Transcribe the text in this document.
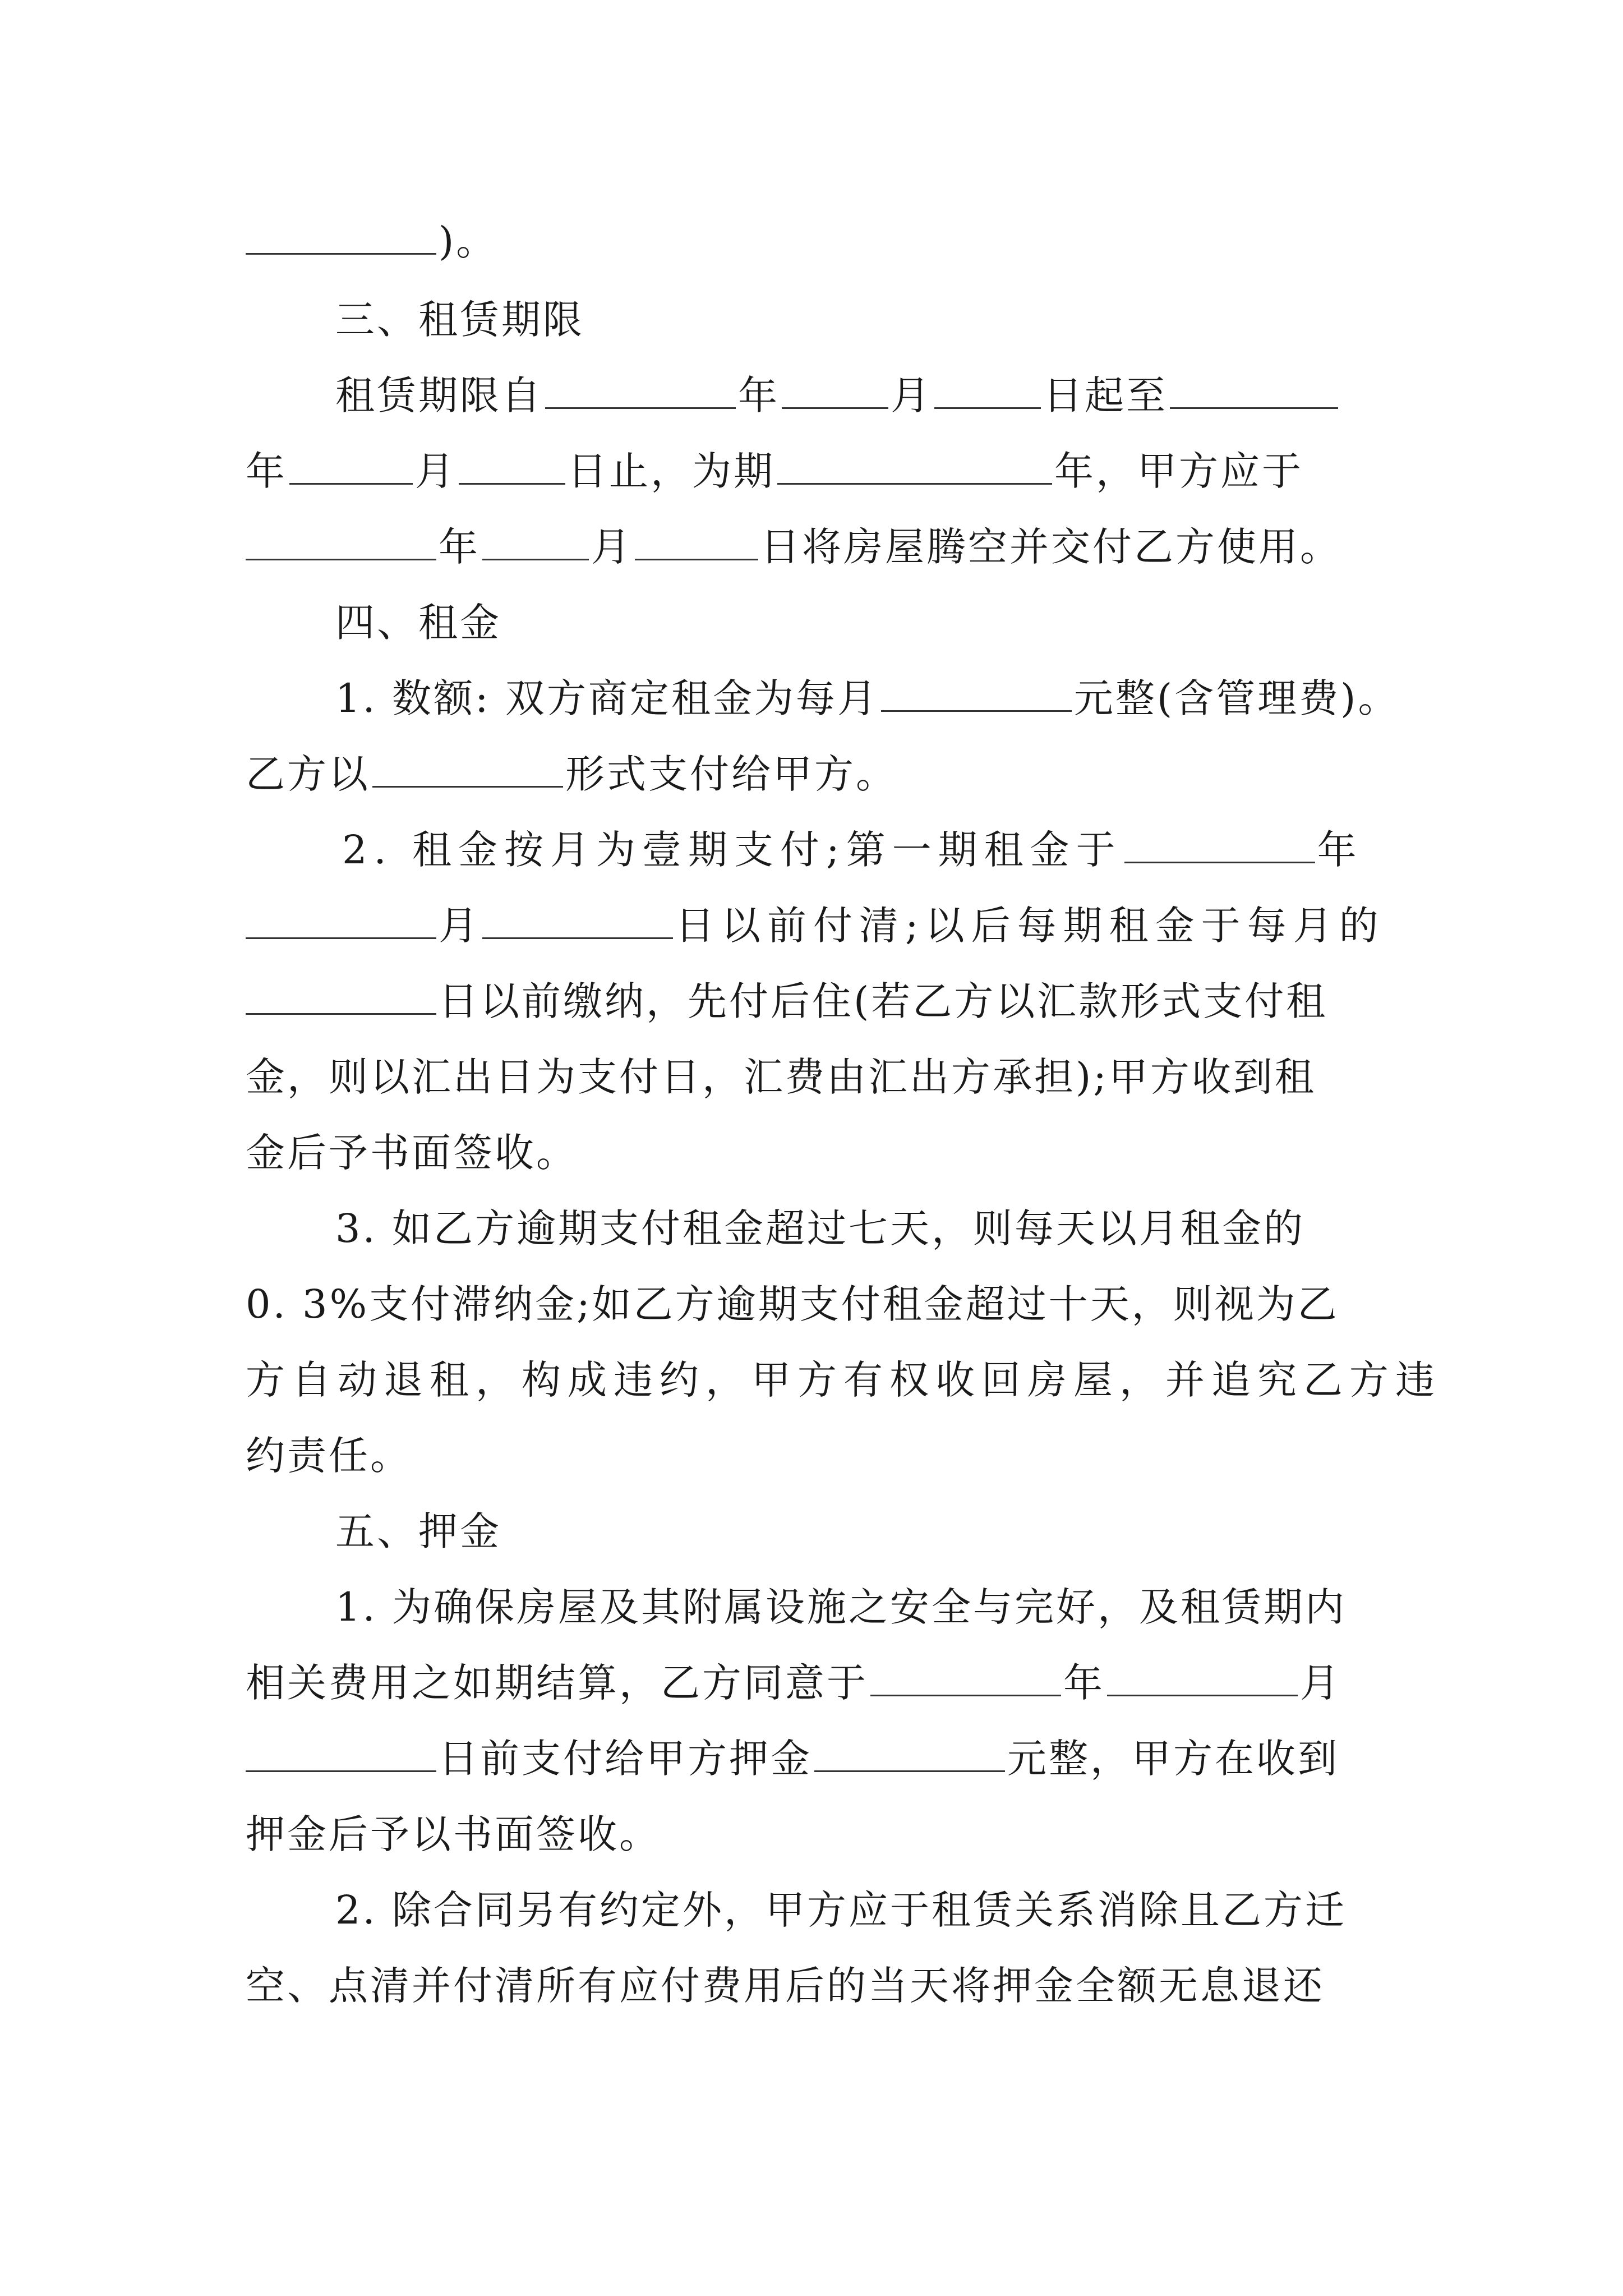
)。
三、租赁期限
租赁期限自	年	月	日起至
年	月	日止，为期	年，甲方应于
年	月	日将房屋腾空并交付乙方使用。
四、租金
1. 数额: 双方商定租金为每月	元整(含管理费)。
乙方以	形式支付给甲方。
2. 租金按月为壹期支付;第一期租金于	年
月	日以前付清;以后每期租金于每月的
日以前缴纳，先付后住(若乙方以汇款形式支付租
金，则以汇出日为支付日，汇费由汇出方承担);甲方收到租
金后予书面签收。
3. 如乙方逾期支付租金超过七天，则每天以月租金的
0. 3%支付滞纳金;如乙方逾期支付租金超过十天，则视为乙
方自动退租，构成违约，甲方有权收回房屋，并追究乙方违
约责任。
五、押金
1. 为确保房屋及其附属设施之安全与完好，及租赁期内
相关费用之如期结算，乙方同意于	年	月
日前支付给甲方押金	元整，甲方在收到
押金后予以书面签收。
2. 除合同另有约定外，甲方应于租赁关系消除且乙方迁
空、点清并付清所有应付费用后的当天将押金全额无息退还
